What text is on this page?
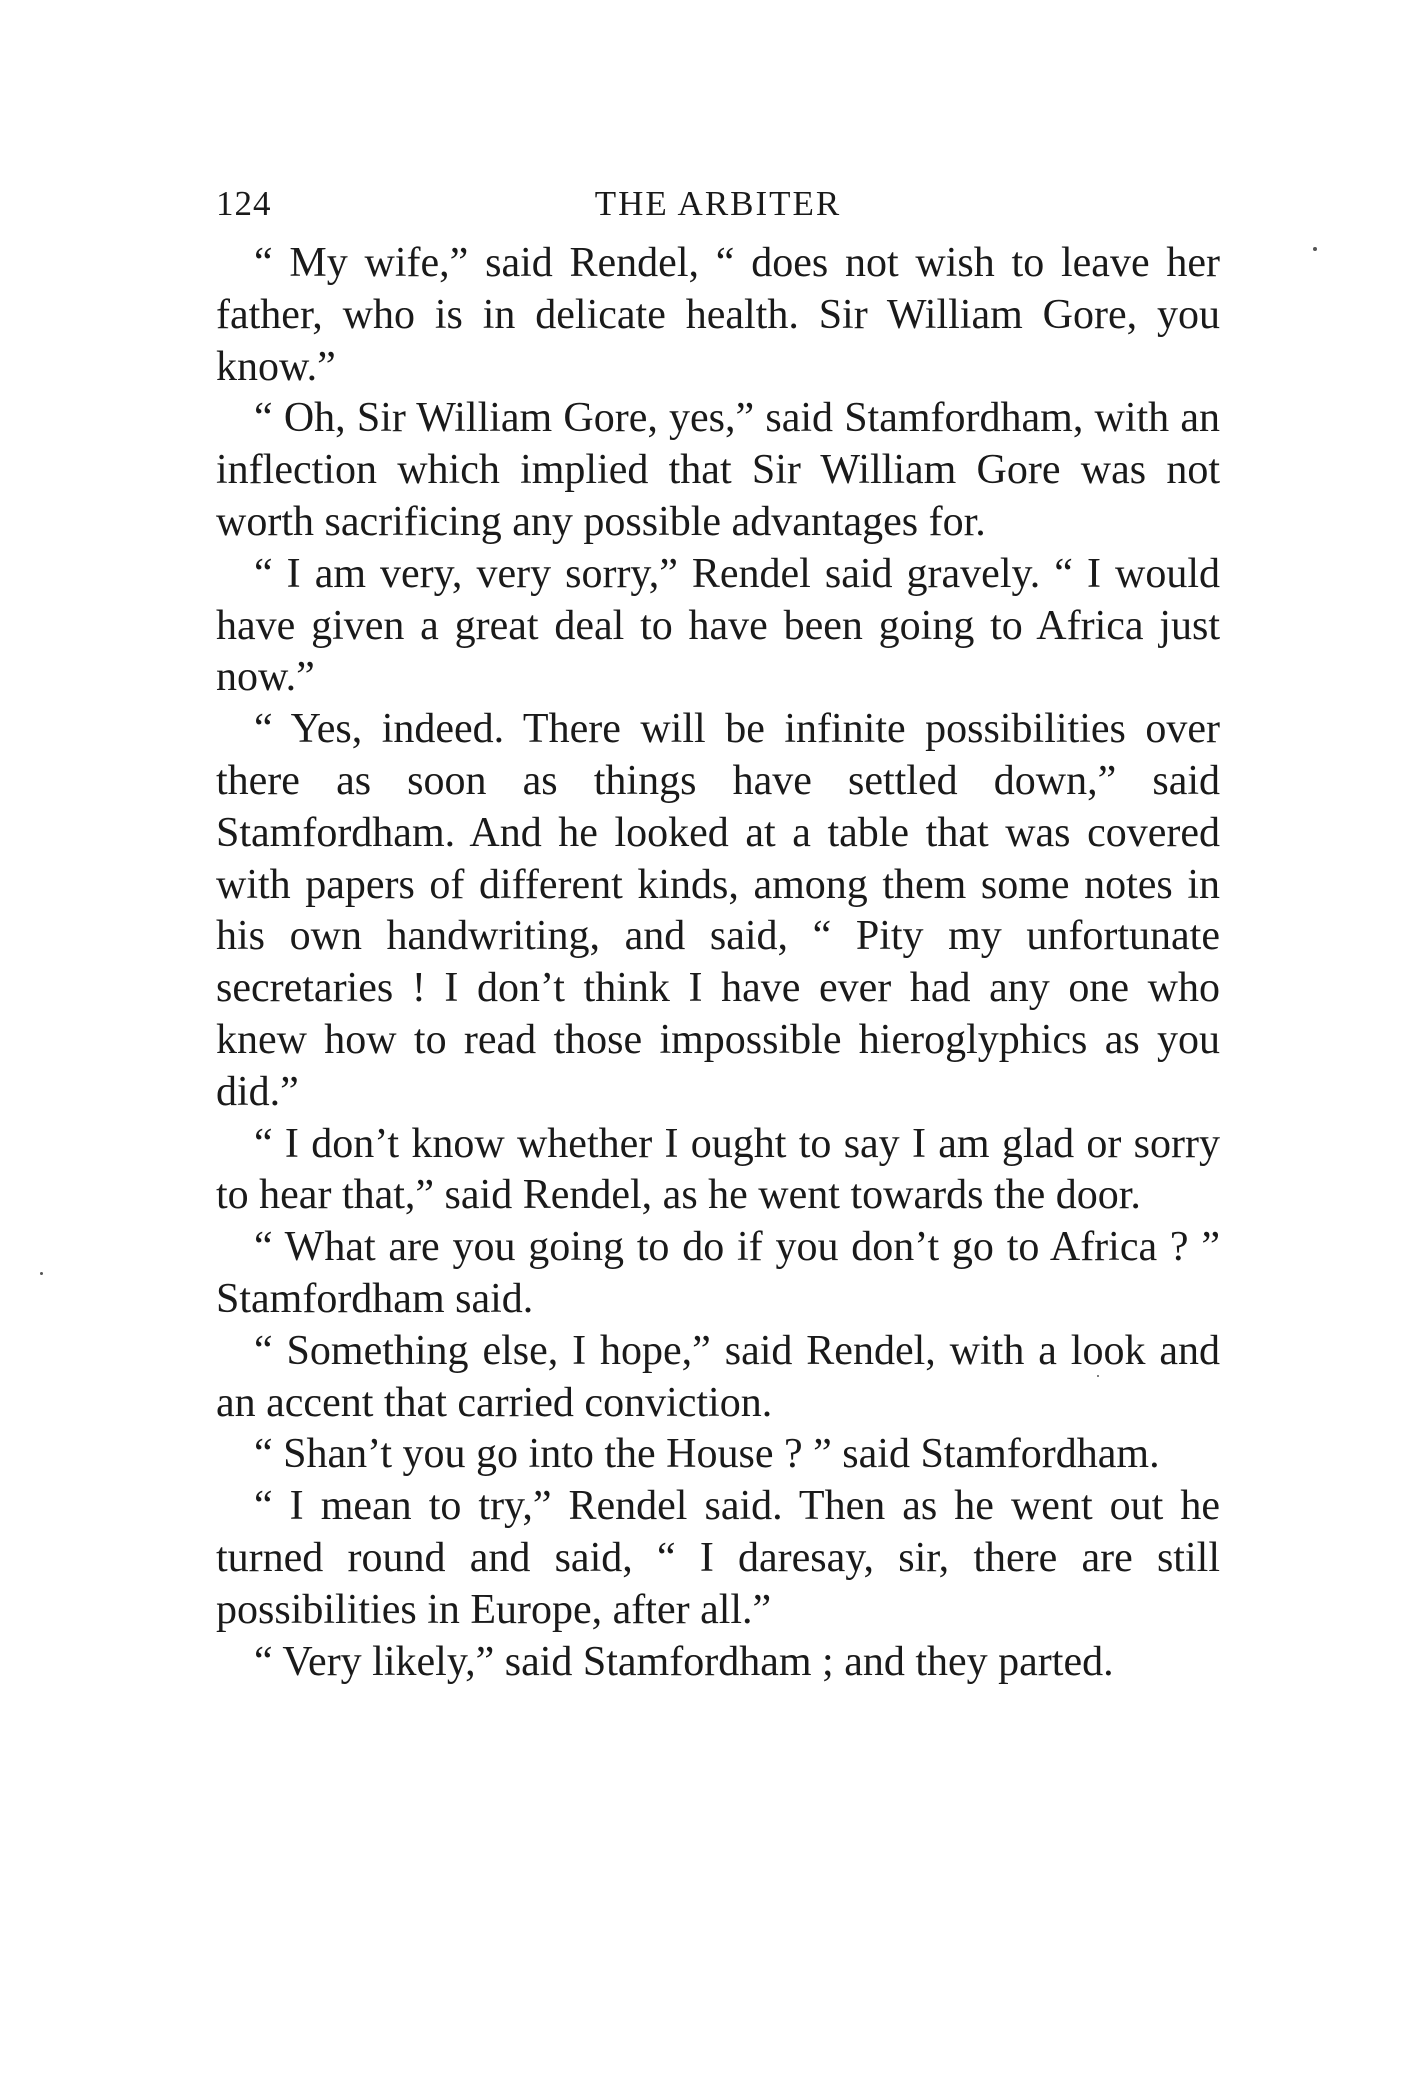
124	THE ARBITER

“ My wife,” said Rendel, “ does not wish to leave her father, who is in delicate health. Sir William Gore, you know.”

“ Oh, Sir William Gore, yes,” said Stamfordham, with an inflection which implied that Sir William Gore was not worth sacrificing any possible advantages for.

“ I am very, very sorry,” Rendel said gravely. “ I would have given a great deal to have been going to Africa just now.”

“ Yes, indeed. There will be infinite possibilities over there as soon as things have settled down,” said Stamfordham. And he looked at a table that was covered with papers of different kinds, among them some notes in his own handwriting, and said, “ Pity my unfortunate secretaries ! I don’t think I have ever had any one who knew how to read those impossible hieroglyphics as you did.”

“ I don’t know whether I ought to say I am glad or sorry to hear that,” said Rendel, as he went towards the door.

“ What are you going to do if you don’t go to Africa ? ” Stamfordham said.

“ Something else, I hope,” said Rendel, with a look and an accent that carried conviction.

“ Shan’t you go into the House ? ” said Stamfordham.

“ I mean to try,” Rendel said. Then as he went out he turned round and said, “ I daresay, sir, there are still possibilities in Europe, after all.”

“ Very likely,” said Stamfordham ; and they parted.
